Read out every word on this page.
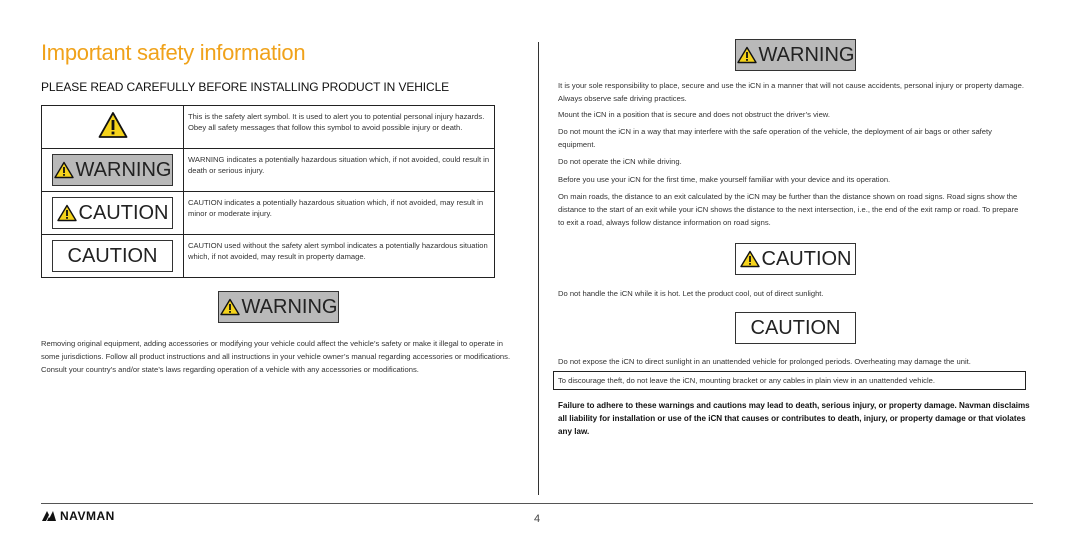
Important safety information
PLEASE READ CAREFULLY BEFORE INSTALLING PRODUCT IN VEHICLE
	This is the safety alert symbol. It is used to alert you to potential personal injury hazards. Obey all safety messages that follow this symbol to avoid possible injury or death.

WARNING	WARNING indicates a potentially hazardous situation which, if not avoided, could result in death or serious injury.

CAUTION	CAUTION indicates a potentially hazardous situation which, if not avoided, may result in minor or moderate injury.

CAUTION	CAUTION used without the safety alert symbol indicates a potentially hazardous situation which, if not avoided, may result in property damage.
WARNING

Removing original equipment, adding accessories or modifying your vehicle could affect the vehicle’s safety or make it illegal to operate in some jurisdictions. Follow all product instructions and all instructions in your vehicle owner’s manual regarding accessories or modifications. Consult your country’s and/or state’s laws regarding operation of a vehicle with any accessories or modifications.

WARNING

It is your sole responsibility to place, secure and use the iCN in a manner that will not cause accidents, personal injury or property damage. Always observe safe driving practices.

Mount the iCN in a position that is secure and does not obstruct the driver’s view.

Do not mount the iCN in a way that may interfere with the safe operation of the vehicle, the deployment of air bags or other safety equipment.

Do not operate the iCN while driving.

Before you use your iCN for the first time, make yourself familiar with your device and its operation.

On main roads, the distance to an exit calculated by the iCN may be further than the distance shown on road signs. Road signs show the distance to the start of an exit while your iCN shows the distance to the next intersection, i.e., the end of the exit ramp or road. To prepare to exit a road, always follow distance information on road signs.

CAUTION

Do not handle the iCN while it is hot. Let the product cool, out of direct sunlight.

CAUTION

Do not expose the iCN to direct sunlight in an unattended vehicle for prolonged periods. Overheating may damage the unit.

To discourage theft, do not leave the iCN, mounting bracket or any cables in plain view in an unattended vehicle.

Failure to adhere to these warnings and cautions may lead to death, serious injury, or property damage. Navman disclaims all liability for installation or use of the iCN that causes or contributes to death, injury, or property damage or that violates any law.

NAVMAN	4
